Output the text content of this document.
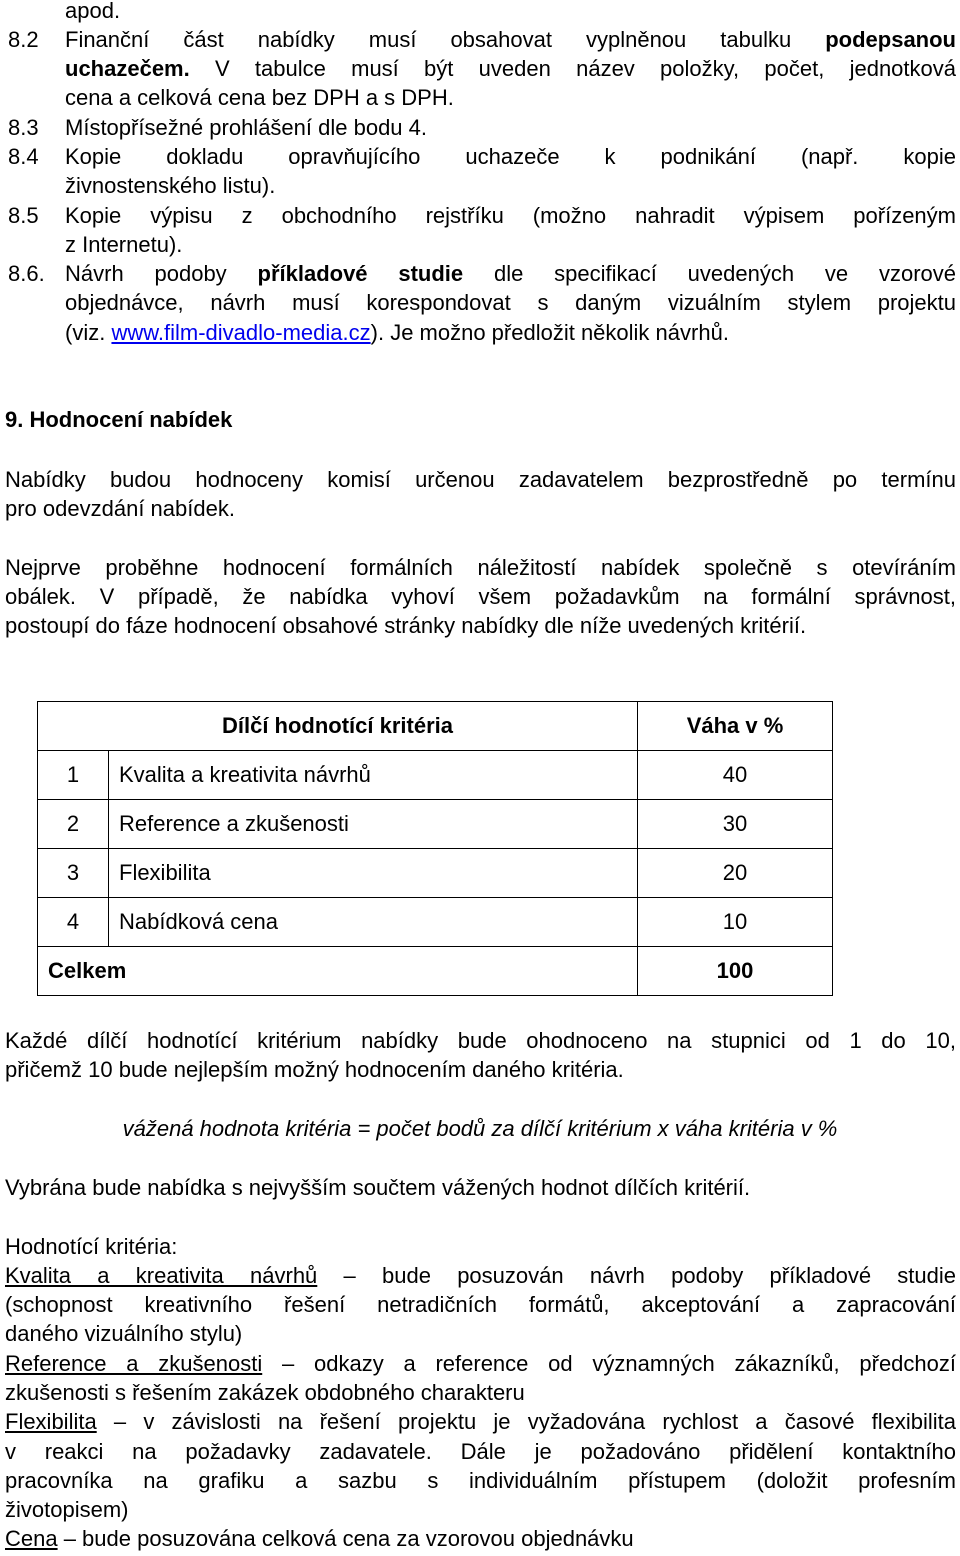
apod.
8.2 Finanční část nabídky musí obsahovat vyplněnou tabulku podepsanou
uchazečem. V tabulce musí být uveden název položky, počet, jednotková
cena a celková cena bez DPH a s DPH.
8.3 Místopřísežné prohlášení dle bodu 4.
8.4 Kopie dokladu opravňujícího uchazeče k podnikání (např. kopie
živnostenského listu).
8.5 Kopie výpisu z obchodního rejstříku (možno nahradit výpisem pořízeným
z Internetu).
8.6. Návrh podoby příkladové studie dle specifikací uvedených ve vzorové
objednávce, návrh musí korespondovat s daným vizuálním stylem projektu
(viz. www.film-divadlo-media.cz). Je možno předložit několik návrhů.
9. Hodnocení nabídek
Nabídky budou hodnoceny komisí určenou zadavatelem bezprostředně po termínu
pro odevzdání nabídek.
Nejprve proběhne hodnocení formálních náležitostí nabídek společně s otevíráním
obálek. V případě, že nabídka vyhoví všem požadavkům na formální správnost,
postoupí do fáze hodnocení obsahové stránky nabídky dle níže uvedených kritérií.
Dílčí hodnotící kritéria		Váha v %
1	Kvalita a kreativita návrhů	40
2	Reference a zkušenosti	30
3	Flexibilita	20
4	Nabídková cena	10
Celkem		100
Každé dílčí hodnotící kritérium nabídky bude ohodnoceno na stupnici od 1 do 10,
přičemž 10 bude nejlepším možný hodnocením daného kritéria.
vážená hodnota kritéria = počet bodů za dílčí kritérium x váha kritéria v %
Vybrána bude nabídka s nejvyšším součtem vážených hodnot dílčích kritérií.
Hodnotící kritéria:
Kvalita a kreativita návrhů – bude posuzován návrh podoby příkladové studie
(schopnost kreativního řešení netradičních formátů, akceptování a zapracování
daného vizuálního stylu)
Reference a zkušenosti – odkazy a reference od významných zákazníků, předchozí
zkušenosti s řešením zakázek obdobného charakteru
Flexibilita – v závislosti na řešení projektu je vyžadována rychlost a časové flexibilita
v reakci na požadavky zadavatele. Dále je požadováno přidělení kontaktního
pracovníka na grafiku a sazbu s individuálním přístupem (doložit profesním
životopisem)
Cena – bude posuzována celková cena za vzorovou objednávku
